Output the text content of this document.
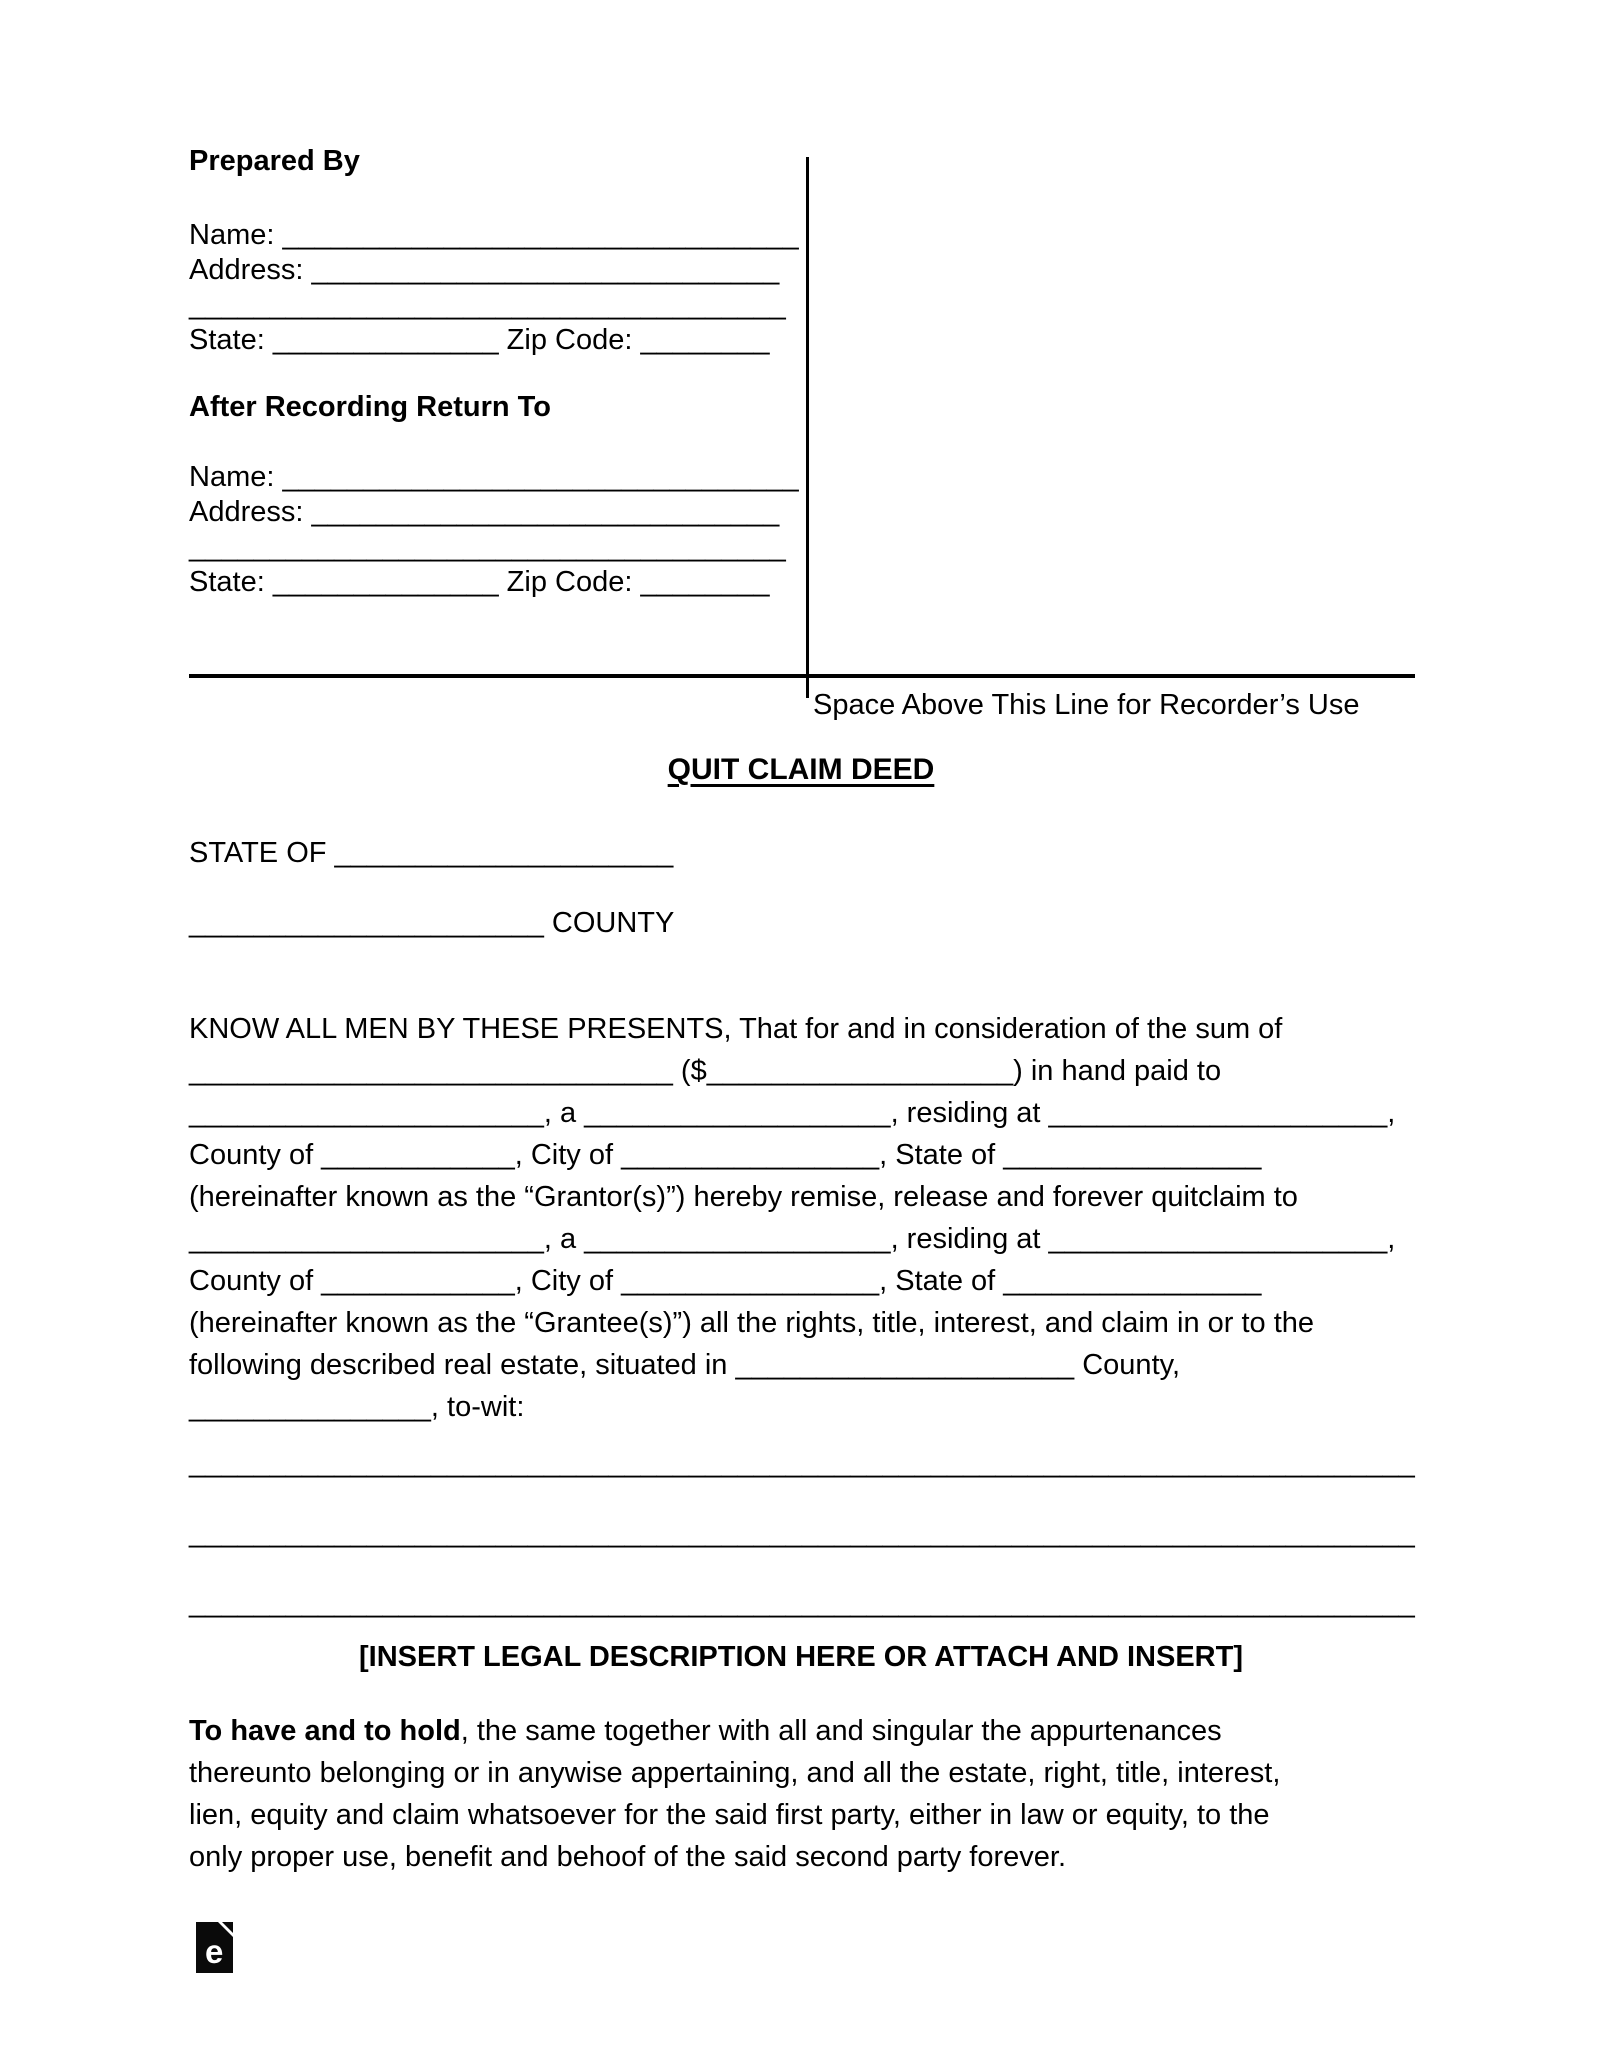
Prepared By
Name: ________________________________
Address: _____________________________
_____________________________________
State: ______________ Zip Code: ________
After Recording Return To
Name: ________________________________
Address: _____________________________
_____________________________________
State: ______________ Zip Code: ________
Space Above This Line for Recorder’s Use
QUIT CLAIM DEED
STATE OF _____________________
______________________ COUNTY
KNOW ALL MEN BY THESE PRESENTS, That for and in consideration of the sum of
______________________________ ($___________________) in hand paid to
______________________, a ___________________, residing at _____________________,
County of ____________, City of ________________, State of ________________
(hereinafter known as the “Grantor(s)”) hereby remise, release and forever quitclaim to
______________________, a ___________________, residing at _____________________,
County of ____________, City of ________________, State of ________________
(hereinafter known as the “Grantee(s)”) all the rights, title, interest, and claim in or to the
following described real estate, situated in _____________________ County,
_______________, to-wit:
____________________________________________________________________________
____________________________________________________________________________
____________________________________________________________________________
[INSERT LEGAL DESCRIPTION HERE OR ATTACH AND INSERT]
To have and to hold, the same together with all and singular the appurtenances
thereunto belonging or in anywise appertaining, and all the estate, right, title, interest,
lien, equity and claim whatsoever for the said first party, either in law or equity, to the
only proper use, benefit and behoof of the said second party forever.
e
